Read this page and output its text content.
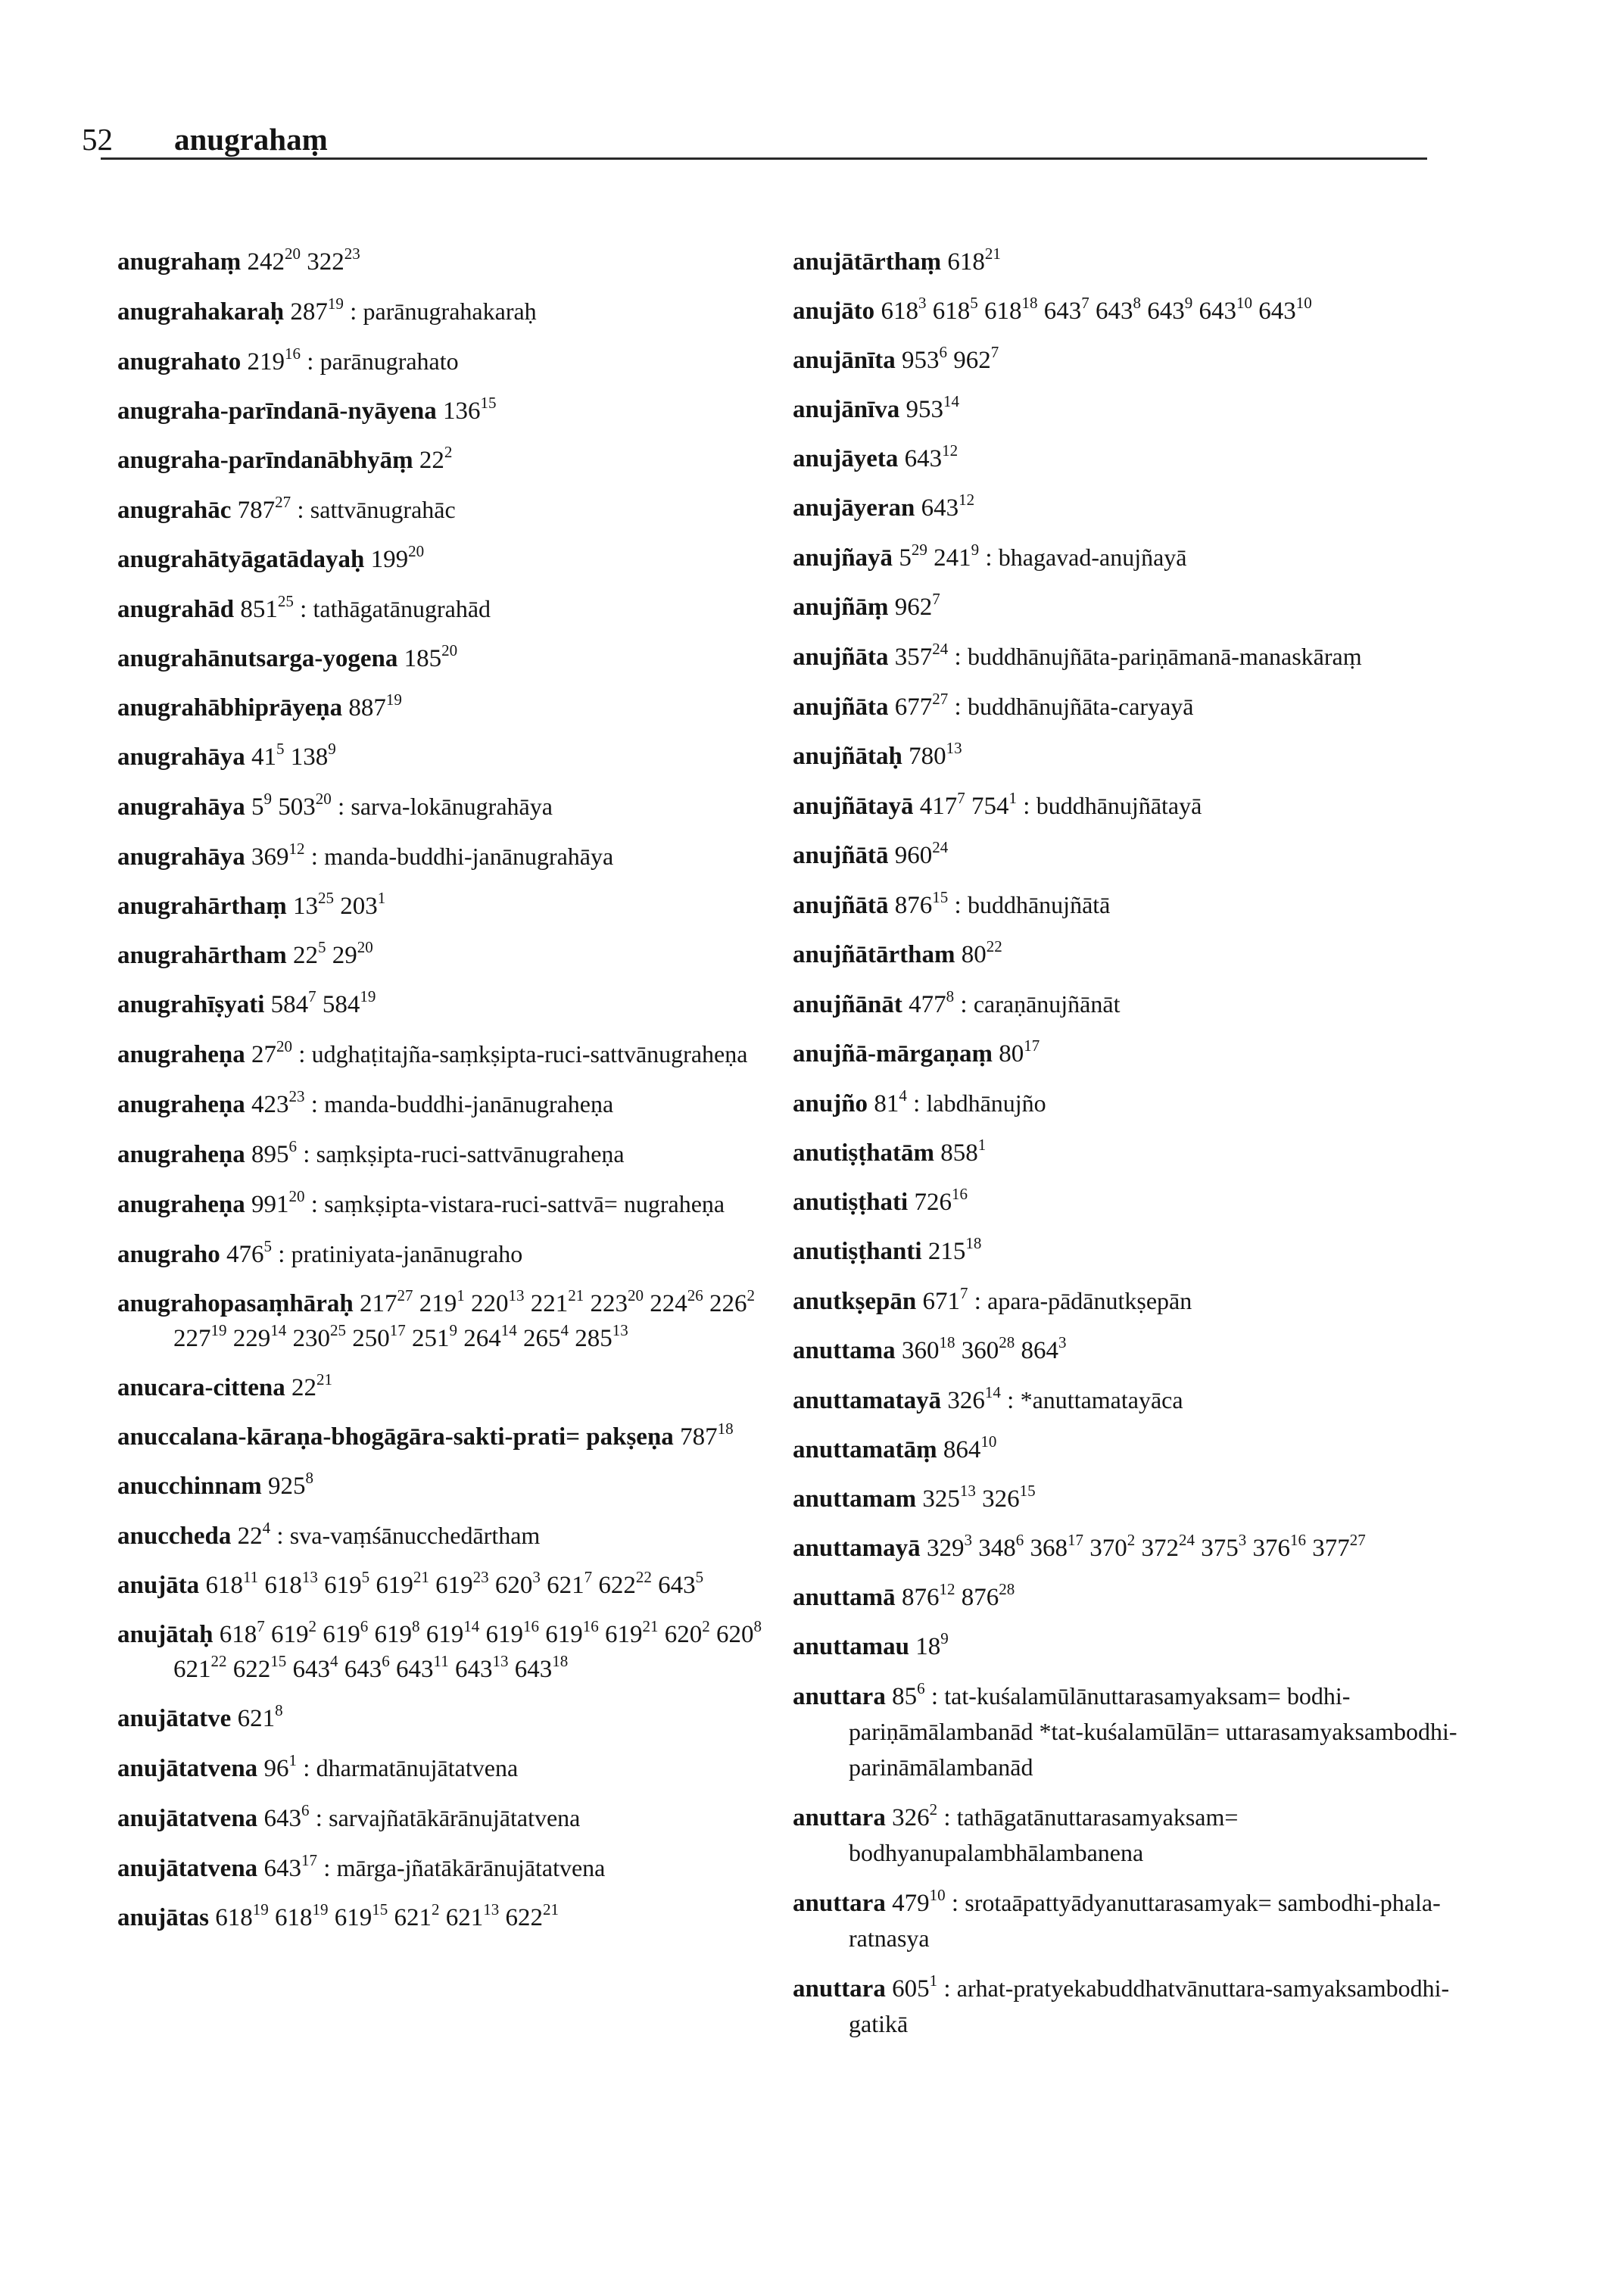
52 anugrahaṃ
anugrahaṃ $242^{20}$ $322^{23}$
anugrahakaraḥ $287^{19}$ : parānugrahakaraḥ
anugrahato $219^{16}$ : parānugrahato
anugraha-parīndanā-nyāyena $136^{15}$
anugraha-parīndanābhyāṃ $22^2$
anugrahāc $787^{27}$ : sattvānugrahāc
anugrahātyāgatādayaḥ $199^{20}$
anugrahād $851^{25}$ : tathāgatānugrahād
anugrahānutsarga-yogena $185^{20}$
anugrahābhiprāyeṇa $887^{19}$
anugrahāya $41^5$ $138^9$
anugrahāya $5^9$ $503^{20}$ : sarva-lokānugrahāya
anugrahāya $369^{12}$ : manda-buddhi-janānugrahāya
anugrahārthaṃ $13^{25}$ $203^1$
anugrahārtham $22^5$ $29^{20}$
anugrahīṣyati $584^7$ $584^{19}$
anugraheṇa $27^{20}$ : udghaṭitajña-saṃkṣipta-ruci-sattvānugraheṇa
anugraheṇa $423^{23}$ : manda-buddhi-janānugraheṇa
anugraheṇa $895^6$ : saṃkṣipta-ruci-sattvānugraheṇa
anugraheṇa $991^{20}$ : saṃkṣipta-vistara-ruci-sattvā= nugraheṇa
anugraho $476^5$ : pratiniyata-janānugraho
anugrahopasaṃhāraḥ $217^{27}$ $219^1$ $220^{13}$ $221^{21}$ $223^{20}$ $224^{26}$ $226^2$ $227^{19}$ $229^{14}$ $230^{25}$ $250^{17}$ $251^9$ $264^{14}$ $265^4$ $285^{13}$
anucara-cittena $22^{21}$
anuccalana-kāraṇa-bhogāgāra-sakti-prati= pakṣeṇa $787^{18}$
anucchinnam $925^8$
anuccheda $22^4$ : sva-vaṃśānucchedārtham
anujāta $618^{11}$ $618^{13}$ $619^5$ $619^{21}$ $619^{23}$ $620^3$ $621^7$ $622^{22}$ $643^5$
anujātaḥ $618^7$ $619^2$ $619^6$ $619^8$ $619^{14}$ $619^{16}$ $619^{16}$ $619^{21}$ $620^2$ $620^8$ $621^{22}$ $622^{15}$ $643^4$ $643^6$ $643^{11}$ $643^{13}$ $643^{18}$
anujātatve $621^8$
anujātatvena $96^1$ : dharmatānujātatvena
anujātatvena $643^6$ : sarvajñatākārānujātatvena
anujātatvena $643^{17}$ : mārga-jñatākārānujātatvena
anujātas $618^{19}$ $618^{19}$ $619^{15}$ $621^2$ $621^{13}$ $622^{21}$
anujātārthaṃ $618^{21}$
anujāto $618^3$ $618^5$ $618^{18}$ $643^7$ $643^8$ $643^9$ $643^{10}$ $643^{10}$
anujānīta $953^6$ $962^7$
anujānīva $953^{14}$
anujāyeta $643^{12}$
anujāyeran $643^{12}$
anujñayā $5^{29}$ $241^9$ : bhagavad-anujñayā
anujñāṃ $962^7$
anujñāta $357^{24}$ : buddhānujñāta-pariṇāmanā-manaskāraṃ
anujñāta $677^{27}$ : buddhānujñāta-caryayā
anujñātaḥ $780^{13}$
anujñātayā $417^7$ $754^1$ : buddhānujñātayā
anujñātā $960^{24}$
anujñātā $876^{15}$ : buddhānujñātā
anujñātārtham $80^{22}$
anujñānāt $477^8$ : caraṇānujñānāt
anujñā-mārgaṇaṃ $80^{17}$
anujño $81^4$ : labdhānujño
anutiṣṭhatām $858^1$
anutiṣṭhati $726^{16}$
anutiṣṭhanti $215^{18}$
anutkṣepān $671^7$ : apara-pādānutkṣepān
anuttama $360^{18}$ $360^{28}$ $864^3$
anuttamatayā $326^{14}$ : *anuttamatayāca
anuttamatāṃ $864^{10}$
anuttamam $325^{13}$ $326^{15}$
anuttamayā $329^3$ $348^6$ $368^{17}$ $370^2$ $372^{24}$ $375^3$ $376^{16}$ $377^{27}$
anuttamā $876^{12}$ $876^{28}$
anuttamau $18^9$
anuttara $85^6$ : tat-kuśalamūlānuttarasamyaksam= bodhi-pariṇāmālambanād *tat-kuśalamūlān= uttarasamyaksambodhi-parināmālambanād
anuttara $326^2$ : tathāgatānuttarasamyaksam= bodhyanupalambhālambanena
anuttara $479^{10}$ : srotaāpattyādyanuttarasamyak= sambodhi-phala-ratnasya
anuttara $605^1$ : arhat-pratyekabuddhatvānuttara-samyaksambodhi-gatikā
